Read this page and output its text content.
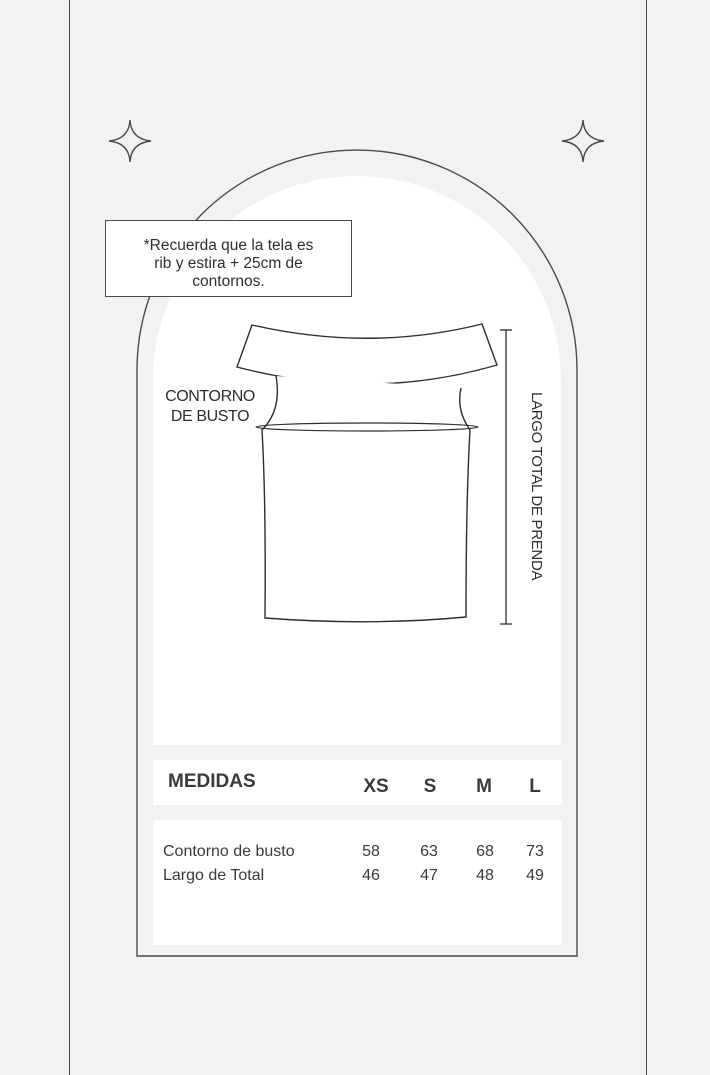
*Recuerda que la tela es
rib y estira + 25cm de
contornos.
CONTORNO
DE BUSTO	LARGO TOTAL DE PRENDA
MEDIDAS	XS	S	M	L
Contorno de busto	58	63	68	73
Largo de Total	46	47	48	49
